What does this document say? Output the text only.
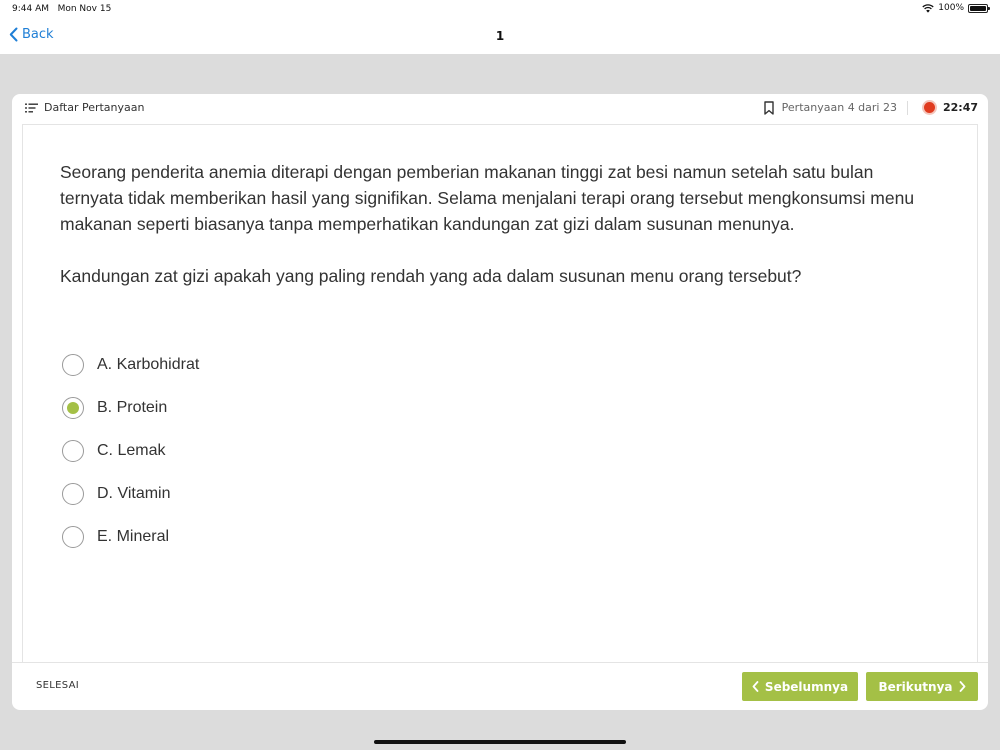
9:44 AM Mon Nov 15	100%
Back	1
Daftar Pertanyaan	Pertanyaan 4 dari 23	22:47

Seorang penderita anemia diterapi dengan pemberian makanan tinggi zat besi namun setelah satu bulan ternyata tidak memberikan hasil yang signifikan. Selama menjalani terapi orang tersebut mengkonsumsi menu makanan seperti biasanya tanpa memperhatikan kandungan zat gizi dalam susunan menunya.

Kandungan zat gizi apakah yang paling rendah yang ada dalam susunan menu orang tersebut?

A. Karbohidrat
B. Protein
C. Lemak
D. Vitamin
E. Mineral
SELESAI	Sebelumnya	Berikutnya
